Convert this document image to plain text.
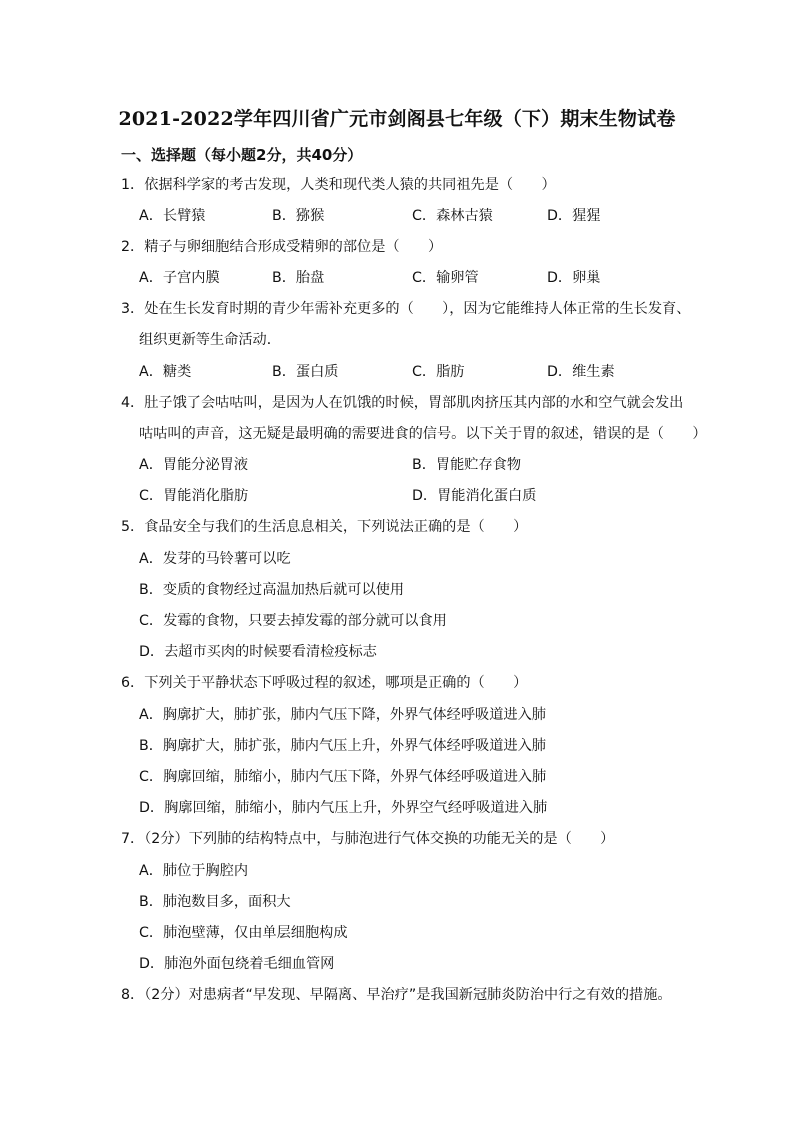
2021-2022学年四川省广元市剑阁县七年级（下）期末生物试卷
一、选择题（每小题2分，共40分）
1．依据科学家的考古发现，人类和现代类人猿的共同祖先是（　　）
A．长臂猿	B．猕猴	C．森林古猿	D．猩猩
2．精子与卵细胞结合形成受精卵的部位是（　　）
A．子宫内膜	B．胎盘	C．输卵管	D．卵巢
3．处在生长发育时期的青少年需补充更多的（　　），因为它能维持人体正常的生长发育、
组织更新等生命活动．
A．糖类	B．蛋白质	C．脂肪	D．维生素
4．肚子饿了会咕咕叫，是因为人在饥饿的时候，胃部肌肉挤压其内部的水和空气就会发出
咕咕叫的声音，这无疑是最明确的需要进食的信号。以下关于胃的叙述，错误的是（　　）
A．胃能分泌胃液	B．胃能贮存食物
C．胃能消化脂肪	D．胃能消化蛋白质
5．食品安全与我们的生活息息相关，下列说法正确的是（　　）
A．发芽的马铃薯可以吃
B．变质的食物经过高温加热后就可以使用
C．发霉的食物，只要去掉发霉的部分就可以食用
D．去超市买肉的时候要看清检疫标志
6．下列关于平静状态下呼吸过程的叙述，哪项是正确的（　　）
A．胸廓扩大，肺扩张，肺内气压下降，外界气体经呼吸道进入肺
B．胸廓扩大，肺扩张，肺内气压上升，外界气体经呼吸道进入肺
C．胸廓回缩，肺缩小，肺内气压下降，外界气体经呼吸道进入肺
D．胸廓回缩，肺缩小，肺内气压上升，外界空气经呼吸道进入肺
7．（2分）下列肺的结构特点中，与肺泡进行气体交换的功能无关的是（　　）
A．肺位于胸腔内
B．肺泡数目多，面积大
C．肺泡壁薄，仅由单层细胞构成
D．肺泡外面包绕着毛细血管网
8．（2分）对患病者“早发现、早隔离、早治疗”是我国新冠肺炎防治中行之有效的措施。
